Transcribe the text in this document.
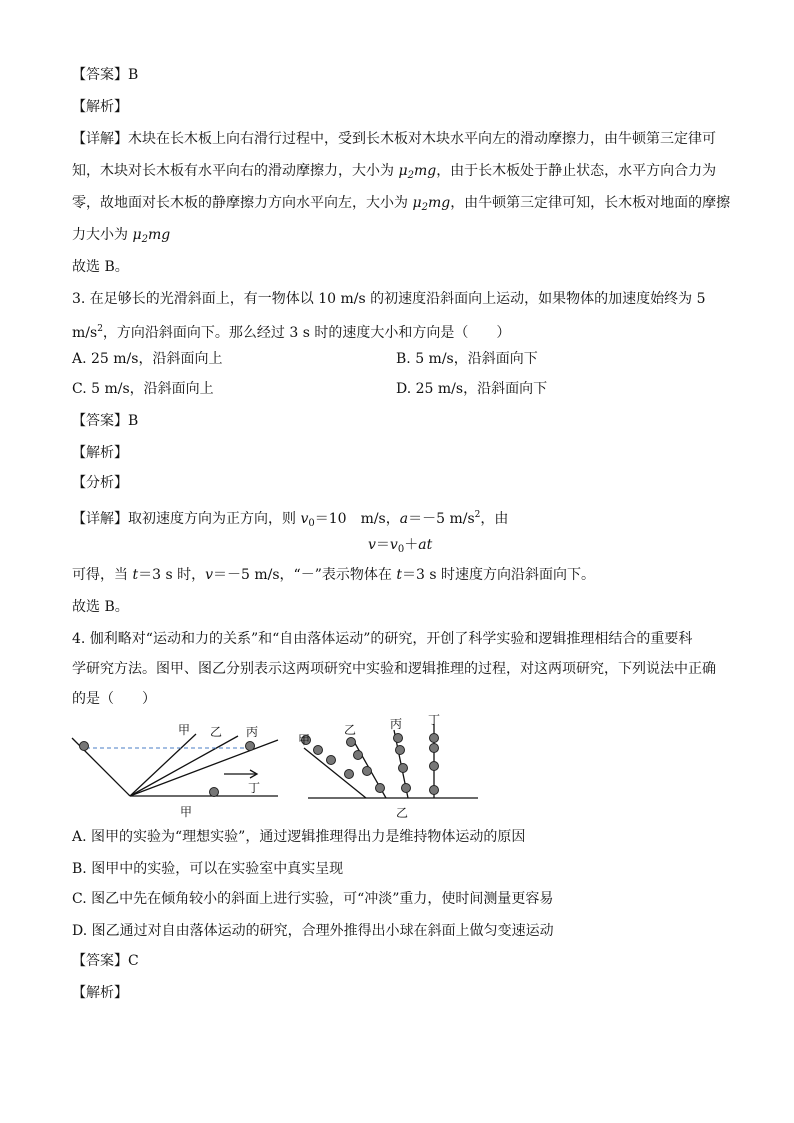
【答案】B
【解析】
【详解】木块在长木板上向右滑行过程中，受到长木板对木块水平向左的滑动摩擦力，由牛顿第三定律可
知，木块对长木板有水平向右的滑动摩擦力，大小为 $\mu_2mg$，由于长木板处于静止状态，水平方向合力为
零，故地面对长木板的静摩擦力方向水平向左，大小为 $\mu_2mg$，由牛顿第三定律可知，长木板对地面的摩擦
力大小为 $\mu_2mg$
故选 B。
3. 在足够长的光滑斜面上，有一物体以 10 m/s 的初速度沿斜面向上运动，如果物体的加速度始终为 5
$m/s^2$，方向沿斜面向下。那么经过 3 s 时的速度大小和方向是（　　）
A. 25 m/s，沿斜面向上	B. 5 m/s，沿斜面向下
C. 5 m/s，沿斜面向上	D. 25 m/s，沿斜面向下
【答案】B
【解析】
【分析】
【详解】取初速度方向为正方向，则 $v_0=10$　m/s，a＝－5 $m/s^2$，由
$v=v_0+at$
可得，当 t＝3 s 时，v＝－5 m/s，“－”表示物体在 t＝3 s 时速度方向沿斜面向下。
故选 B。
4. 伽利略对“运动和力的关系”和“自由落体运动”的研究，开创了科学实验和逻辑推理相结合的重要科
学研究方法。图甲、图乙分别表示这两项研究中实验和逻辑推理的过程，对这两项研究，下列说法中正确
的是（　　）
甲 乙 丙
丁
甲
甲
乙	丙 丁
乙
A. 图甲的实验为“理想实验”，通过逻辑推理得出力是维持物体运动的原因
B. 图甲中的实验，可以在实验室中真实呈现
C. 图乙中先在倾角较小的斜面上进行实验，可“冲淡”重力，使时间测量更容易
D. 图乙通过对自由落体运动的研究，合理外推得出小球在斜面上做匀变速运动
【答案】C
【解析】
